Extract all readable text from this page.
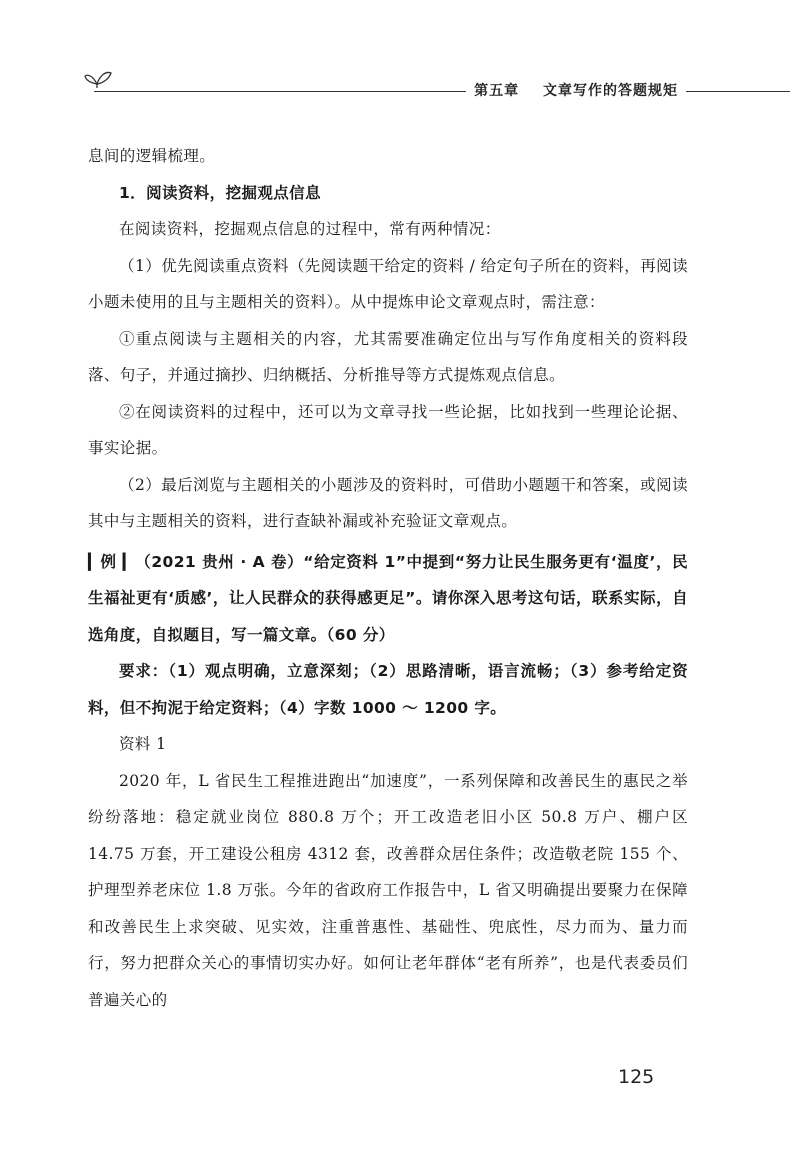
第五章 文章写作的答题规矩

息间的逻辑梳理。

1．阅读资料，挖掘观点信息

在阅读资料，挖掘观点信息的过程中，常有两种情况：

（1）优先阅读重点资料（先阅读题干给定的资料 / 给定句子所在的资料，再阅读小题未使用的且与主题相关的资料）。从中提炼申论文章观点时，需注意：

①重点阅读与主题相关的内容，尤其需要准确定位出与写作角度相关的资料段落、句子，并通过摘抄、归纳概括、分析推导等方式提炼观点信息。

②在阅读资料的过程中，还可以为文章寻找一些论据，比如找到一些理论论据、事实论据。

（2）最后浏览与主题相关的小题涉及的资料时，可借助小题题干和答案，或阅读其中与主题相关的资料，进行查缺补漏或补充验证文章观点。

▎例 ▎（2021 贵州 · A 卷）“给定资料 1”中提到“努力让民生服务更有‘温度’，民生福祉更有‘质感’，让人民群众的获得感更足”。请你深入思考这句话，联系实际，自选角度，自拟题目，写一篇文章。（60 分）

要求：（1）观点明确，立意深刻；（2）思路清晰，语言流畅；（3）参考给定资料，但不拘泥于给定资料；（4）字数 1000 ～ 1200 字。

资料 1

2020 年，L 省民生工程推进跑出“加速度”，一系列保障和改善民生的惠民之举纷纷落地：稳定就业岗位 880.8 万个；开工改造老旧小区 50.8 万户、棚户区 14.75 万套，开工建设公租房 4312 套，改善群众居住条件；改造敬老院 155 个、护理型养老床位 1.8 万张。今年的省政府工作报告中，L 省又明确提出要聚力在保障和改善民生上求突破、见实效，注重普惠性、基础性、兜底性，尽力而为、量力而行，努力把群众关心的事情切实办好。如何让老年群体“老有所养”，也是代表委员们普遍关心的

125
